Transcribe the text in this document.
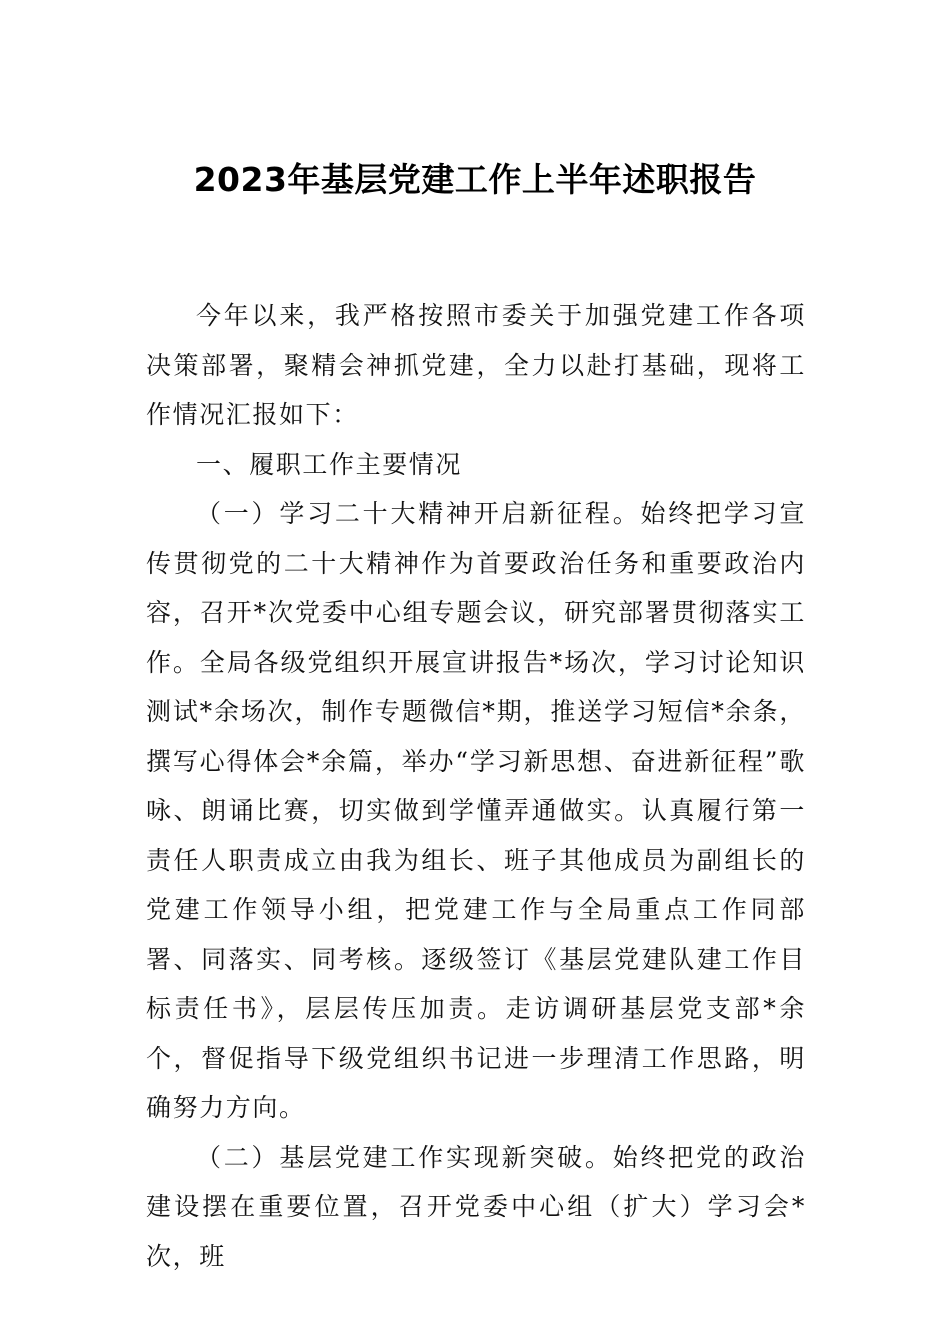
2023年基层党建工作上半年述职报告

今年以来，我严格按照市委关于加强党建工作各项决策部署，聚精会神抓党建，全力以赴打基础，现将工作情况汇报如下：

一、履职工作主要情况

（一）学习二十大精神开启新征程。始终把学习宣传贯彻党的二十大精神作为首要政治任务和重要政治内容，召开*次党委中心组专题会议，研究部署贯彻落实工作。全局各级党组织开展宣讲报告*场次，学习讨论知识测试*余场次，制作专题微信*期，推送学习短信*余条，撰写心得体会*余篇，举办“学习新思想、奋进新征程”歌咏、朗诵比赛，切实做到学懂弄通做实。认真履行第一责任人职责成立由我为组长、班子其他成员为副组长的党建工作领导小组，把党建工作与全局重点工作同部署、同落实、同考核。逐级签订《基层党建队建工作目标责任书》，层层传压加责。走访调研基层党支部*余个，督促指导下级党组织书记进一步理清工作思路，明确努力方向。

（二）基层党建工作实现新突破。始终把党的政治建设摆在重要位置，召开党委中心组（扩大）学习会*次，班
